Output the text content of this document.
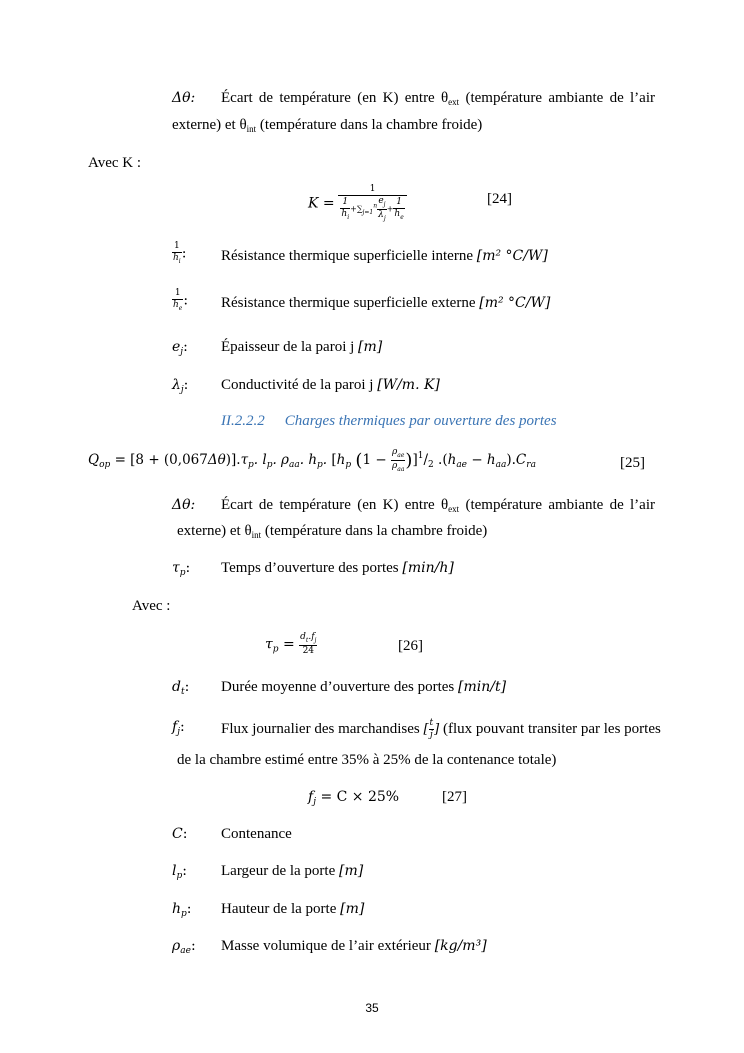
Δθ: Écart de température (en K) entre $\theta_{ext}$ (température ambiante de l’air
externe) et $\theta_{int}$ (température dans la chambre froide)
Avec K :
$K = \frac{1}{\frac{1}{h_i} +\sum_{j=1}^n \frac{e_j}{\lambda_j} + \frac{1}{h_e}}$	[24]
$\frac{1}{h_i}$ : Résistance thermique superficielle interne [m² °C/W]
$\frac{1}{h_e}$ : Résistance thermique superficielle externe [m² °C/W]
$e_j$: Épaisseur de la paroi j [m]
$\lambda_j$: Conductivité de la paroi j [W/m. K]
II.2.2.2 Charges thermiques par ouverture des portes
$Q_{op} = [8 + (0,067\Delta\theta)].\tau_p$. $l_p$. $\rho_{aa}$. $h_p$. [$h_p$ $(1 - \frac{\rho_{ae}}{\rho_{aa}} )]^1/_2$ $.(h_{ae} - h_{aa}).C_{ra}$	[25]
Δθ: Écart de température (en K) entre $\theta_{ext}$ (température ambiante de l’air
externe) et $\theta_{int}$ (température dans la chambre froide)
$\tau_p$: Temps d’ouverture des portes [min/h]
Avec :
$\tau_p = \frac{d_t.f_j}{24}$	[26]
$d_t$: Durée moyenne d’ouverture des portes [min/t]
$f_j$: Flux journalier des marchandises [ $\frac{t}{j}$ ] (flux pouvant transiter par les portes
de la chambre estimé entre 35% à 25% de la contenance totale)
$f_j = C \times 25\%$	[27]
C: Contenance
$l_p$: Largeur de la porte [m]
$h_p$: Hauteur de la porte [m]
$\rho_{ae}$: Masse volumique de l’air extérieur [kg/m³]
35
